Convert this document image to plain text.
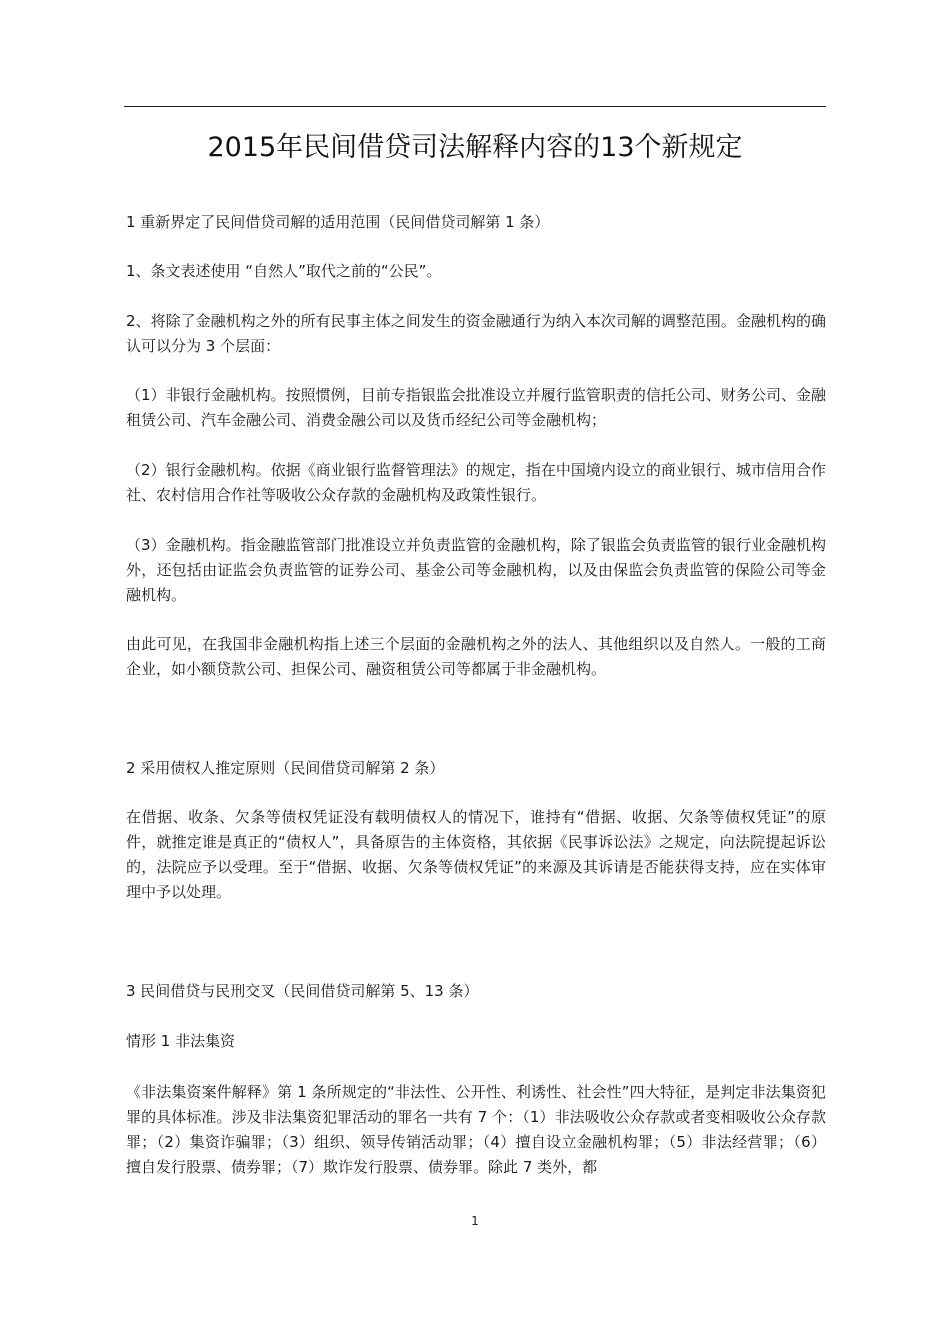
2015年民间借贷司法解释内容的13个新规定
1 重新界定了民间借贷司解的适用范围（民间借贷司解第 1 条）
1、条文表述使用 “自然人”取代之前的“公民”。
2、将除了金融机构之外的所有民事主体之间发生的资金融通行为纳入本次司解的调整范围。金融机构的确认可以分为 3 个层面：
（1）非银行金融机构。按照惯例，目前专指银监会批准设立并履行监管职责的信托公司、财务公司、金融租赁公司、汽车金融公司、消费金融公司以及货币经纪公司等金融机构；
（2）银行金融机构。依据《商业银行监督管理法》的规定，指在中国境内设立的商业银行、城市信用合作社、农村信用合作社等吸收公众存款的金融机构及政策性银行。
（3）金融机构。指金融监管部门批准设立并负责监管的金融机构，除了银监会负责监管的银行业金融机构外，还包括由证监会负责监管的证券公司、基金公司等金融机构，以及由保监会负责监管的保险公司等金融机构。
由此可见，在我国非金融机构指上述三个层面的金融机构之外的法人、其他组织以及自然人。一般的工商企业，如小额贷款公司、担保公司、融资租赁公司等都属于非金融机构。
2 采用债权人推定原则（民间借贷司解第 2 条）
在借据、收条、欠条等债权凭证没有载明债权人的情况下，谁持有“借据、收据、欠条等债权凭证”的原件，就推定谁是真正的“债权人”，具备原告的主体资格，其依据《民事诉讼法》之规定，向法院提起诉讼的，法院应予以受理。至于“借据、收据、欠条等债权凭证”的来源及其诉请是否能获得支持，应在实体审理中予以处理。
3 民间借贷与民刑交叉（民间借贷司解第 5、13 条）
情形 1 非法集资
《非法集资案件解释》第 1 条所规定的“非法性、公开性、利诱性、社会性”四大特征，是判定非法集资犯罪的具体标准。涉及非法集资犯罪活动的罪名一共有 7 个：（1）非法吸收公众存款或者变相吸收公众存款罪；（2）集资诈骗罪；（3）组织、领导传销活动罪；（4）擅自设立金融机构罪；（5）非法经营罪；（6）擅自发行股票、债券罪；（7）欺诈发行股票、债券罪。除此 7 类外，都
1
